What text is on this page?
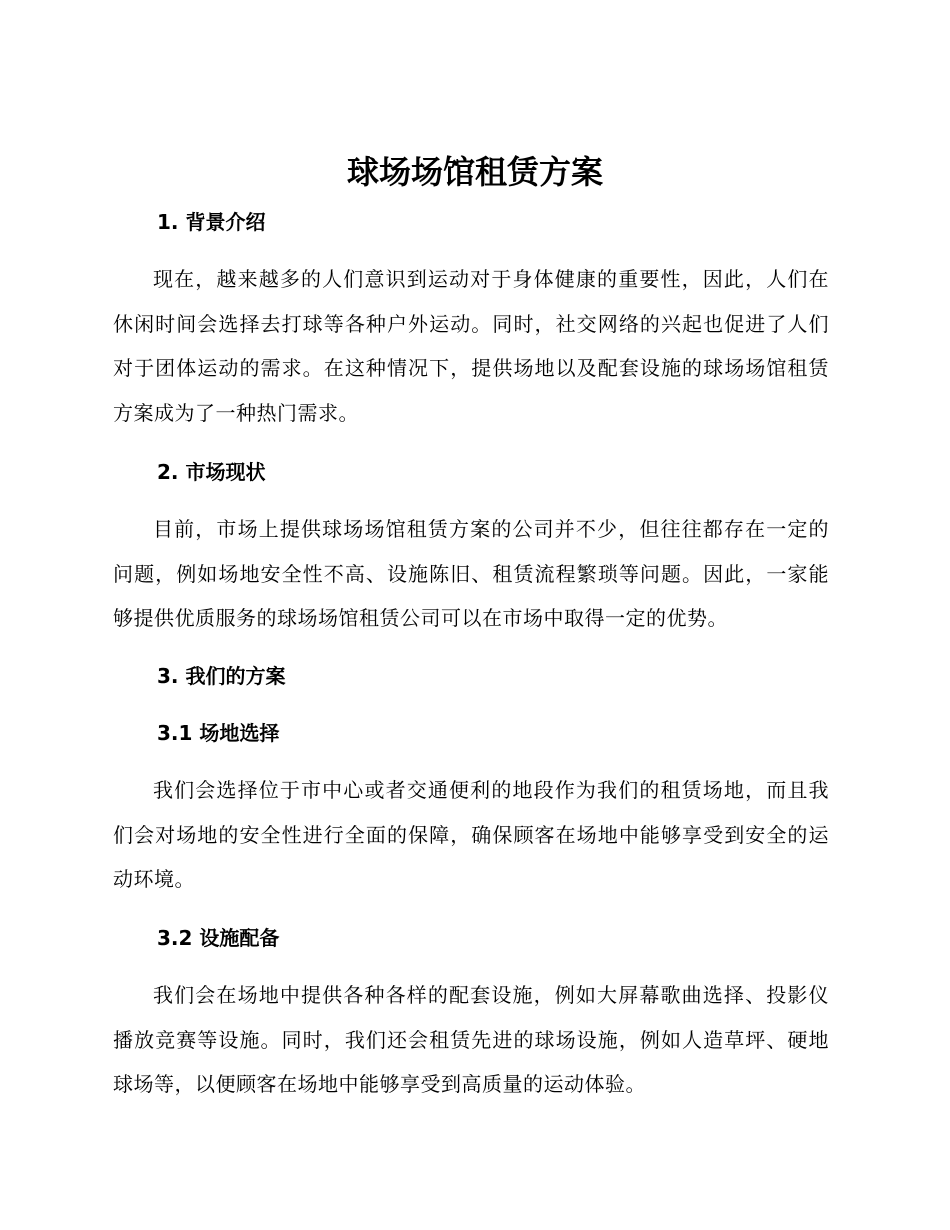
球场场馆租赁方案
1. 背景介绍

现在，越来越多的人们意识到运动对于身体健康的重要性，因此，人们在休闲时间会选择去打球等各种户外运动。同时，社交网络的兴起也促进了人们对于团体运动的需求。在这种情况下，提供场地以及配套设施的球场场馆租赁方案成为了一种热门需求。

2. 市场现状

目前，市场上提供球场场馆租赁方案的公司并不少，但往往都存在一定的问题，例如场地安全性不高、设施陈旧、租赁流程繁琐等问题。因此，一家能够提供优质服务的球场场馆租赁公司可以在市场中取得一定的优势。

3. 我们的方案
3.1 场地选择

我们会选择位于市中心或者交通便利的地段作为我们的租赁场地，而且我们会对场地的安全性进行全面的保障，确保顾客在场地中能够享受到安全的运动环境。

3.2 设施配备

我们会在场地中提供各种各样的配套设施，例如大屏幕歌曲选择、投影仪播放竞赛等设施。同时，我们还会租赁先进的球场设施，例如人造草坪、硬地球场等，以便顾客在场地中能够享受到高质量的运动体验。
